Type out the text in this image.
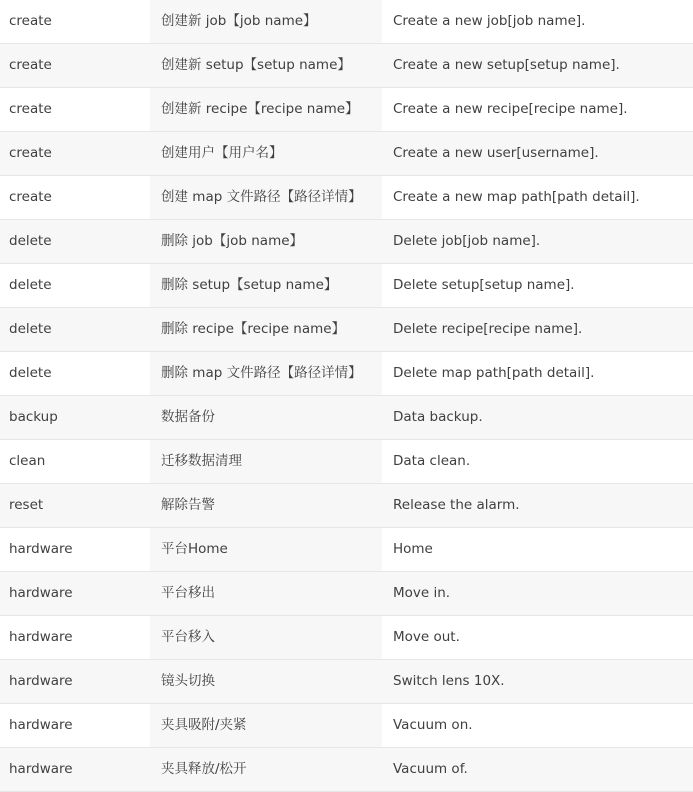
create	创建新 job【job name】	Create a new job[job name].
create	创建新 setup【setup name】	Create a new setup[setup name].
create	创建新 recipe【recipe name】	Create a new recipe[recipe name].
create	创建用户【用户名】	Create a new user[username].
create	创建 map 文件路径【路径详情】	Create a new map path[path detail].
delete	删除 job【job name】	Delete job[job name].
delete	删除 setup【setup name】	Delete setup[setup name].
delete	删除 recipe【recipe name】	Delete recipe[recipe name].
delete	删除 map 文件路径【路径详情】	Delete map path[path detail].
backup	数据备份	Data backup.
clean	迁移数据清理	Data clean.
reset	解除告警	Release the alarm.
hardware	平台Home	Home
hardware	平台移出	Move in.
hardware	平台移入	Move out.
hardware	镜头切换	Switch lens 10X.
hardware	夹具吸附/夹紧	Vacuum on.
hardware	夹具释放/松开	Vacuum of.
